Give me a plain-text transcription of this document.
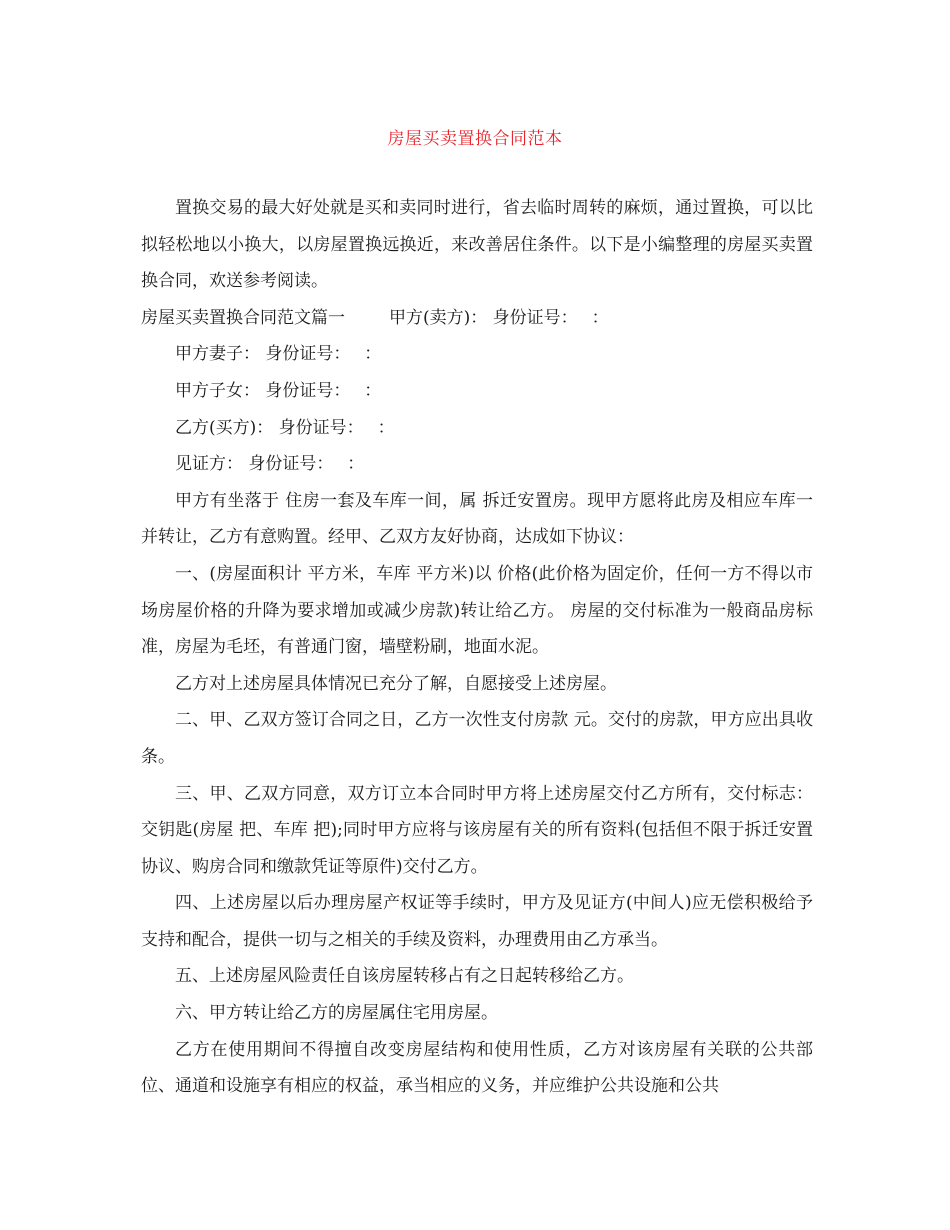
房屋买卖置换合同范本

置换交易的最大好处就是买和卖同时进行，省去临时周转的麻烦，通过置换，可以比拟轻松地以小换大，以房屋置换远换近，来改善居住条件。以下是小编整理的房屋买卖置换合同，欢送参考阅读。

房屋买卖置换合同范文篇一	甲方(卖方)： 身份证号：　 ：

甲方妻子： 身份证号：　 ：

甲方子女： 身份证号：　 ：

乙方(买方)： 身份证号：　 ：

见证方： 身份证号：　 ：

甲方有坐落于 住房一套及车库一间，属 拆迁安置房。现甲方愿将此房及相应车库一并转让，乙方有意购置。经甲、乙双方友好协商，达成如下协议：

一、(房屋面积计 平方米，车库 平方米)以 价格(此价格为固定价，任何一方不得以市场房屋价格的升降为要求增加或减少房款)转让给乙方。 房屋的交付标准为一般商品房标准，房屋为毛坯，有普通门窗，墙壁粉刷，地面水泥。

乙方对上述房屋具体情况已充分了解，自愿接受上述房屋。

二、甲、乙双方签订合同之日，乙方一次性支付房款 元。交付的房款，甲方应出具收条。

三、甲、乙双方同意，双方订立本合同时甲方将上述房屋交付乙方所有，交付标志：交钥匙(房屋 把、车库 把);同时甲方应将与该房屋有关的所有资料(包括但不限于拆迁安置协议、购房合同和缴款凭证等原件)交付乙方。

四、上述房屋以后办理房屋产权证等手续时，甲方及见证方(中间人)应无偿积极给予支持和配合，提供一切与之相关的手续及资料，办理费用由乙方承当。

五、上述房屋风险责任自该房屋转移占有之日起转移给乙方。

六、甲方转让给乙方的房屋属住宅用房屋。

乙方在使用期间不得擅自改变房屋结构和使用性质，乙方对该房屋有关联的公共部位、通道和设施享有相应的权益，承当相应的义务，并应维护公共设施和公共
